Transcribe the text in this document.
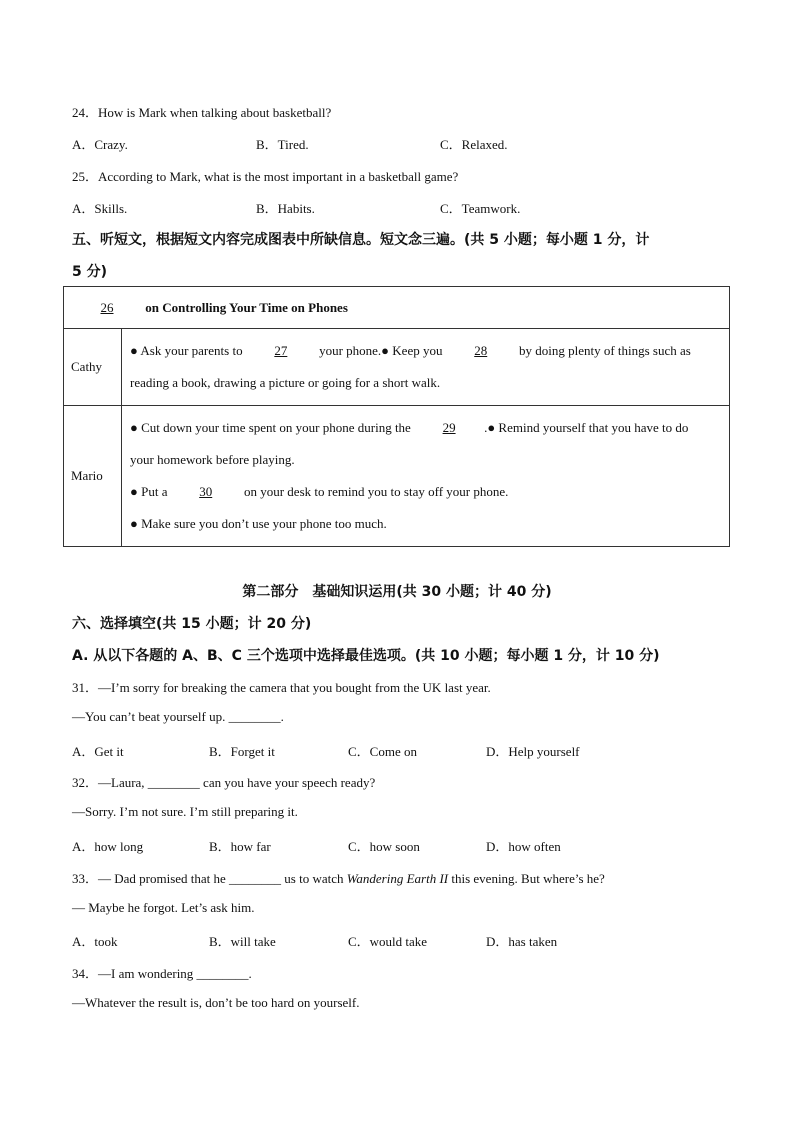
24．How is Mark when talking about basketball?
A．Crazy.	B．Tired.	C．Relaxed.
25．According to Mark, what is the most important in a basketball game?
A．Skills.	B．Habits.	C．Teamwork.
五、听短文，根据短文内容完成图表中所缺信息。短文念三遍。(共 5 小题；每小题 1 分，计
5 分)
26 on Controlling Your Time on Phones	
Cathy	● Ask your parents to 27 your phone.● Keep you 28 by doing plenty of things such as
reading a book, drawing a picture or going for a short walk.

Mario	● Cut down your time spent on your phone during the 29 .● Remind yourself that you have to do
your homework before playing.
● Put a 30 on your desk to remind you to stay off your phone.
● Make sure you don’t use your phone too much.
第二部分　基础知识运用(共 30 小题；计 40 分)
六、选择填空(共 15 小题；计 20 分)
A. 从以下各题的 A、B、C 三个选项中选择最佳选项。(共 10 小题；每小题 1 分，计 10 分)
31．—I’m sorry for breaking the camera that you bought from the UK last year.
—You can’t beat yourself up. ________.
A．Get it	B．Forget it	C．Come on	D．Help yourself
32．—Laura, ________ can you have your speech ready?
—Sorry. I’m not sure. I’m still preparing it.
A．how long	B．how far	C．how soon	D．how often
33．— Dad promised that he ________ us to watch Wandering Earth II this evening. But where’s he?
— Maybe he forgot. Let’s ask him.
A．took	B．will take	C．would take	D．has taken
34．—I am wondering ________.
—Whatever the result is, don’t be too hard on yourself.
